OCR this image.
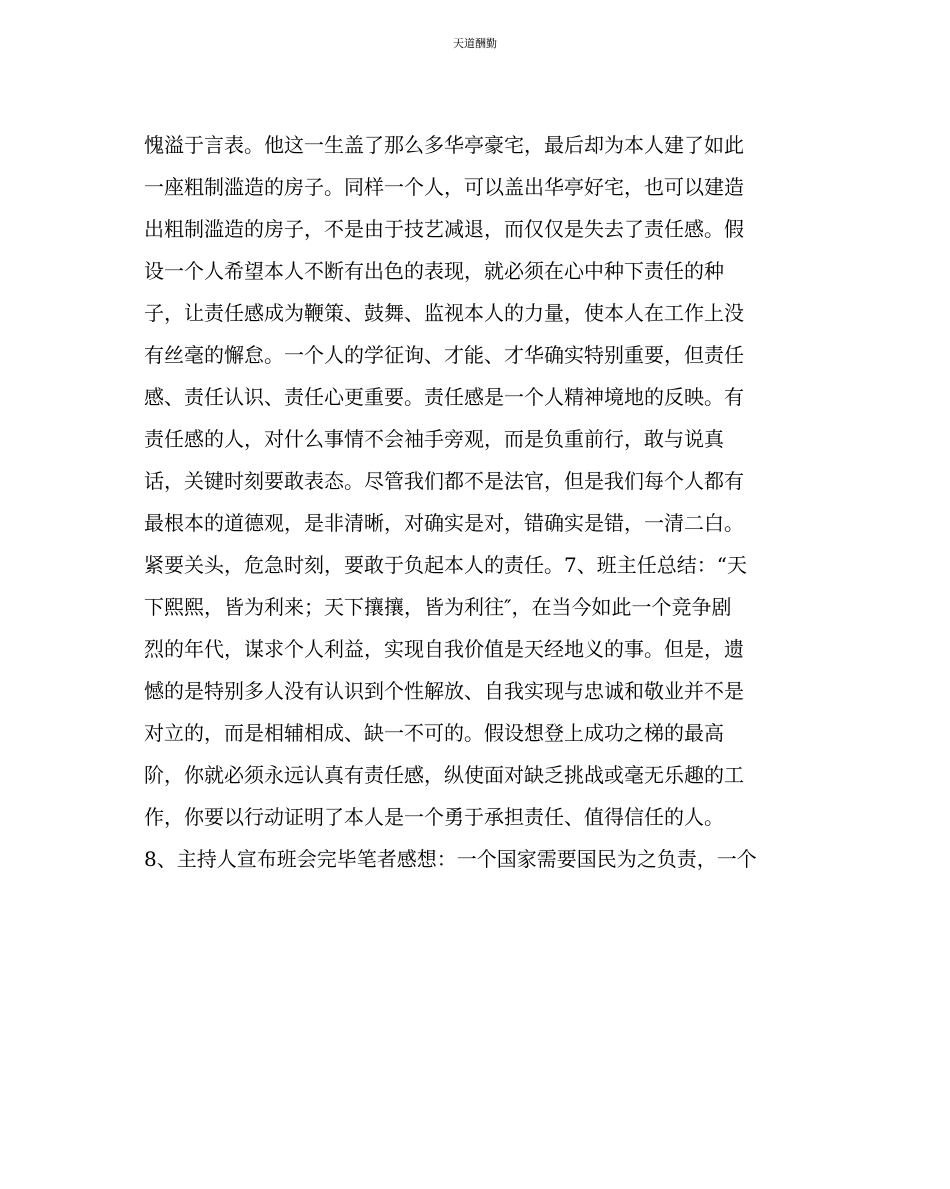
天道酬勤
愧溢于言表。他这一生盖了那么多华亭豪宅，最后却为本人建了如此
一座粗制滥造的房子。同样一个人，可以盖出华亭好宅，也可以建造
出粗制滥造的房子，不是由于技艺减退，而仅仅是失去了责任感。假
设一个人希望本人不断有出色的表现，就必须在心中种下责任的种
子，让责任感成为鞭策、鼓舞、监视本人的力量，使本人在工作上没
有丝毫的懈怠。一个人的学征询、才能、才华确实特别重要，但责任
感、责任认识、责任心更重要。责任感是一个人精神境地的反映。有
责任感的人，对什么事情不会袖手旁观，而是负重前行，敢与说真
话，关键时刻要敢表态。尽管我们都不是法官，但是我们每个人都有
最根本的道德观，是非清晰，对确实是对，错确实是错，一清二白。
紧要关头，危急时刻，要敢于负起本人的责任。7、班主任总结：“天
下熙熙，皆为利来；天下攘攘，皆为利往″，在当今如此一个竞争剧
烈的年代，谋求个人利益，实现自我价值是天经地义的事。但是，遗
憾的是特别多人没有认识到个性解放、自我实现与忠诚和敬业并不是
对立的，而是相辅相成、缺一不可的。假设想登上成功之梯的最高
阶，你就必须永远认真有责任感，纵使面对缺乏挑战或毫无乐趣的工
作，你要以行动证明了本人是一个勇于承担责任、值得信任的人。
8、主持人宣布班会完毕笔者感想：一个国家需要国民为之负责，一个
